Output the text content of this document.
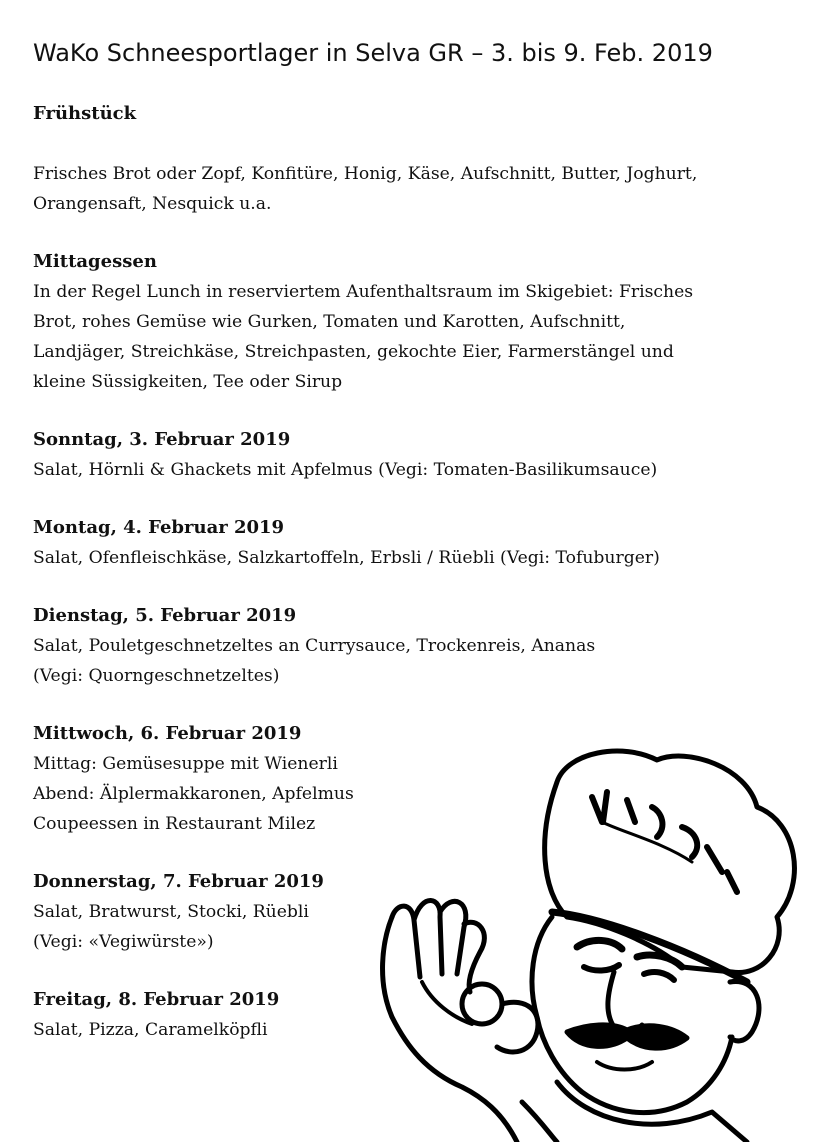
WaKo Schneesportlager in Selva GR – 3. bis 9. Feb. 2019

Frühstück

Frisches Brot oder Zopf, Konfitüre, Honig, Käse, Aufschnitt, Butter, Joghurt,

Orangensaft, Nesquick u.a.

Mittagessen

In der Regel Lunch in reserviertem Aufenthaltsraum im Skigebiet: Frisches

Brot, rohes Gemüse wie Gurken, Tomaten und Karotten, Aufschnitt,

Landjäger, Streichkäse, Streichpasten, gekochte Eier, Farmerstängel und

kleine Süssigkeiten, Tee oder Sirup

Sonntag, 3. Februar 2019

Salat, Hörnli & Ghackets mit Apfelmus (Vegi: Tomaten-Basilikumsauce)

Montag, 4. Februar 2019

Salat, Ofenfleischkäse, Salzkartoffeln, Erbsli / Rüebli (Vegi: Tofuburger)

Dienstag, 5. Februar 2019

Salat, Pouletgeschnetzeltes an Currysauce, Trockenreis, Ananas

(Vegi: Quorngeschnetzeltes)

Mittwoch, 6. Februar 2019

Mittag: Gemüsesuppe mit Wienerli

Abend: Älplermakkaronen, Apfelmus

Coupeessen in Restaurant Milez

Donnerstag, 7. Februar 2019

Salat, Bratwurst, Stocki, Rüebli

(Vegi: «Vegiwürste»)

Freitag, 8. Februar 2019

Salat, Pizza, Caramelköpfli
